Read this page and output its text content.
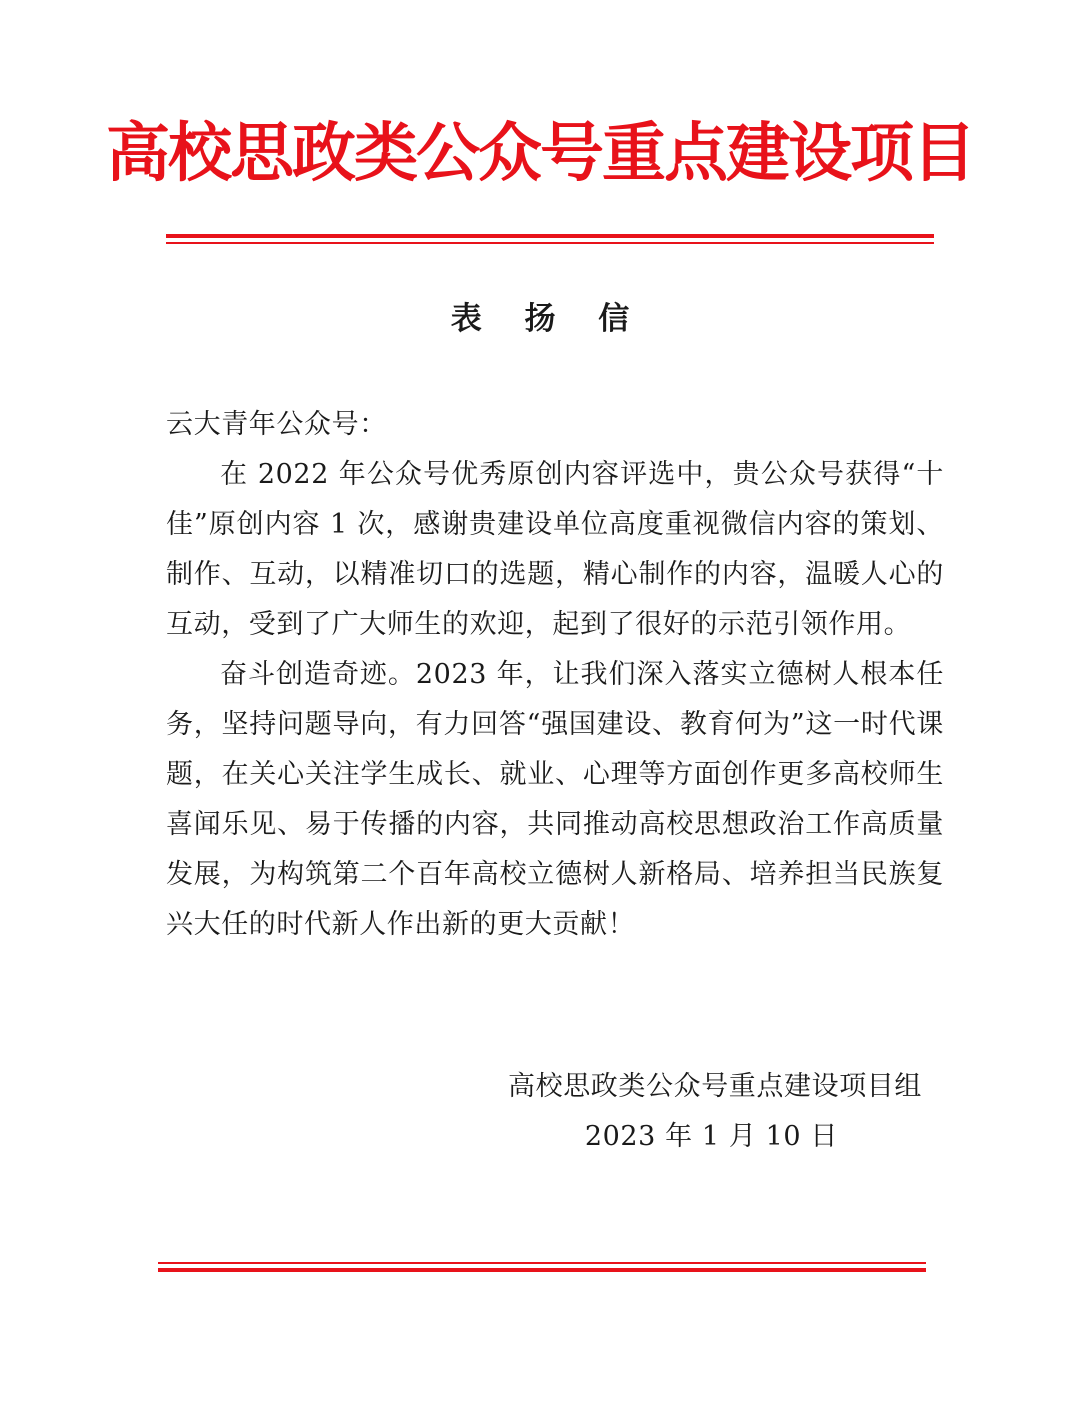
高校思政类公众号重点建设项目
表 扬 信

云大青年公众号：

在 2022 年公众号优秀原创内容评选中，贵公众号获得“十佳”原创内容 1 次，感谢贵建设单位高度重视微信内容的策划、制作、互动，以精准切口的选题，精心制作的内容，温暖人心的互动，受到了广大师生的欢迎，起到了很好的示范引领作用。

奋斗创造奇迹。2023 年，让我们深入落实立德树人根本任务，坚持问题导向，有力回答“强国建设、教育何为”这一时代课题，在关心关注学生成长、就业、心理等方面创作更多高校师生喜闻乐见、易于传播的内容，共同推动高校思想政治工作高质量发展，为构筑第二个百年高校立德树人新格局、培养担当民族复兴大任的时代新人作出新的更大贡献！

高校思政类公众号重点建设项目组
2023 年 1 月 10 日
